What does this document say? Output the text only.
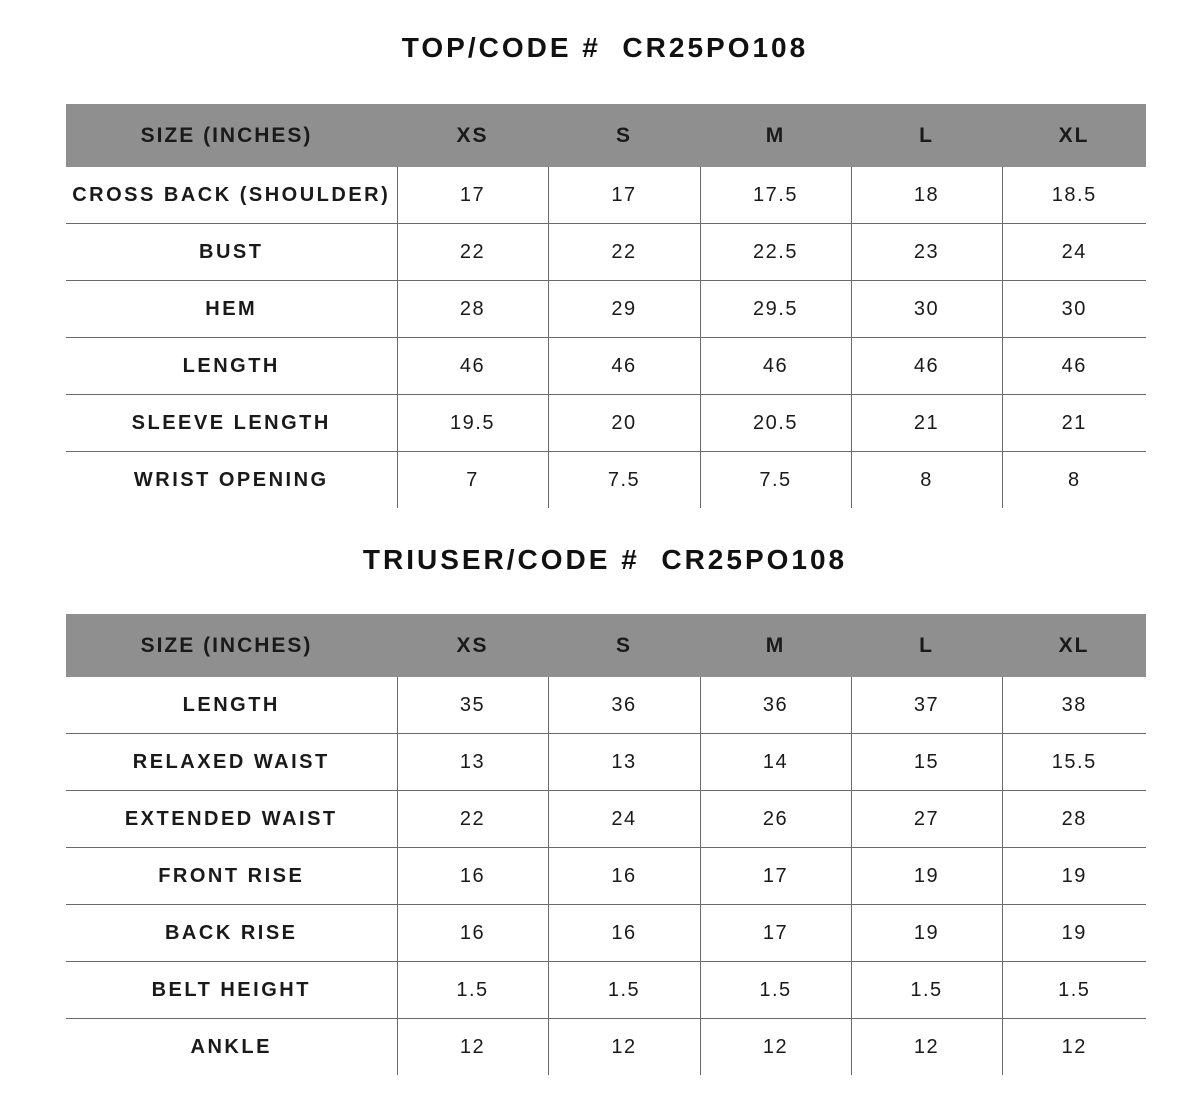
TOP/CODE #  CR25PO108
SIZE (INCHES)	XS	S	M	L	XL
CROSS BACK (SHOULDER)	17	17	17.5	18	18.5
BUST	22	22	22.5	23	24
HEM	28	29	29.5	30	30
LENGTH	46	46	46	46	46
SLEEVE LENGTH	19.5	20	20.5	21	21
WRIST OPENING	7	7.5	7.5	8	8
TRIUSER/CODE #  CR25PO108
SIZE (INCHES)	XS	S	M	L	XL
LENGTH	35	36	36	37	38
RELAXED WAIST	13	13	14	15	15.5
EXTENDED WAIST	22	24	26	27	28
FRONT RISE	16	16	17	19	19
BACK RISE	16	16	17	19	19
BELT HEIGHT	1.5	1.5	1.5	1.5	1.5
ANKLE	12	12	12	12	12
